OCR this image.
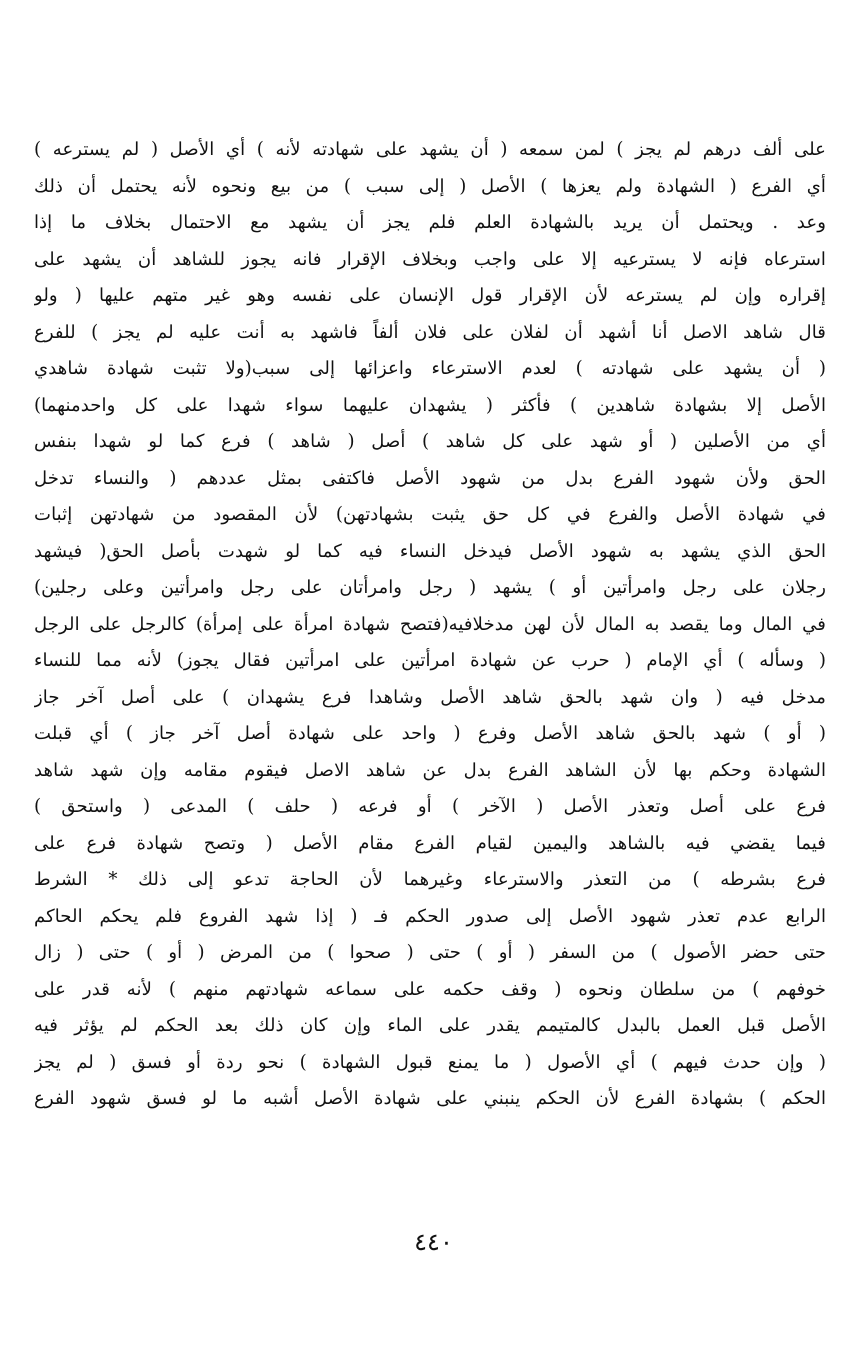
على ألف درهم لم يجز ) لمن سمعه ( أن يشهد على شهادته لأنه ) أي الأصل ( لم يسترعه )
أي الفرع ( الشهادة ولم يعزها ) الأصل ( إلى سبب ) من بيع ونحوه لأنه يحتمل أن ذلك
وعد . ويحتمل أن يريد بالشهادة العلم فلم يجز أن يشهد مع الاحتمال بخلاف ما إذا
استرعاه فإنه لا يسترعيه إلا على واجب وبخلاف الإقرار فانه يجوز للشاهد أن يشهد على
إقراره وإن لم يسترعه لأن الإقرار قول الإنسان على نفسه وهو غير متهم عليها ( ولو
قال شاهد الاصل أنا أشهد أن لفلان على فلان ألفاً فاشهد به أنت عليه لم يجز ) للفرع
( أن يشهد على شهادته ) لعدم الاسترعاء واعزائها إلى سبب(ولا تثبت شهادة شاهدي
الأصل إلا بشهادة شاهدين ) فأكثر ( يشهدان عليهما سواء شهدا على كل واحدمنهما)
أي من الأصلين ( أو شهد على كل شاهد ) أصل ( شاهد ) فرع كما لو شهدا بنفس
الحق ولأن شهود الفرع بدل من شهود الأصل فاكتفى بمثل عددهم ( والنساء تدخل
في شهادة الأصل والفرع في كل حق يثبت بشهادتهن) لأن المقصود من شهادتهن إثبات
الحق الذي يشهد به شهود الأصل فيدخل النساء فيه كما لو شهدت بأصل الحق( فيشهد
رجلان على رجل وامرأتين أو ) يشهد ( رجل وامرأتان على رجل وامرأتين وعلى رجلين)
في المال وما يقصد به المال لأن لهن مدخلافيه(فتصح شهادة امرأة على إمرأة) كالرجل على الرجل
( وسأله ) أي الإمام ( حرب عن شهادة امرأتين على امرأتين فقال يجوز) لأنه مما للنساء
مدخل فيه ( وان شهد بالحق شاهد الأصل وشاهدا فرع يشهدان ) على أصل آخر جاز
( أو ) شهد بالحق شاهد الأصل وفرع ( واحد على شهادة أصل آخر جاز ) أي قبلت
الشهادة وحكم بها لأن الشاهد الفرع بدل عن شاهد الاصل فيقوم مقامه وإن شهد شاهد
فرع على أصل وتعذر الأصل ( الآخر ) أو فرعه ( حلف ) المدعى ( واستحق )
فيما يقضي فيه بالشاهد واليمين لقيام الفرع مقام الأصل ( وتصح شهادة فرع على
فرع بشرطه ) من التعذر والاسترعاء وغيرهما لأن الحاجة تدعو إلى ذلك * الشرط
الرابع عدم تعذر شهود الأصل إلى صدور الحكم فـ ( إذا شهد الفروع فلم يحكم الحاكم
حتى حضر الأصول ) من السفر ( أو ) حتى ( صحوا ) من المرض ( أو ) حتى ( زال
خوفهم ) من سلطان ونحوه ( وقف حكمه على سماعه شهادتهم منهم ) لأنه قدر على
الأصل قبل العمل بالبدل كالمتيمم يقدر على الماء وإن كان ذلك بعد الحكم لم يؤثر فيه
( وإن حدث فيهم ) أي الأصول ( ما يمنع قبول الشهادة ) نحو ردة أو فسق ( لم يجز
الحكم ) بشهادة الفرع لأن الحكم ينبني على شهادة الأصل أشبه ما لو فسق شهود الفرع
٤٤٠
